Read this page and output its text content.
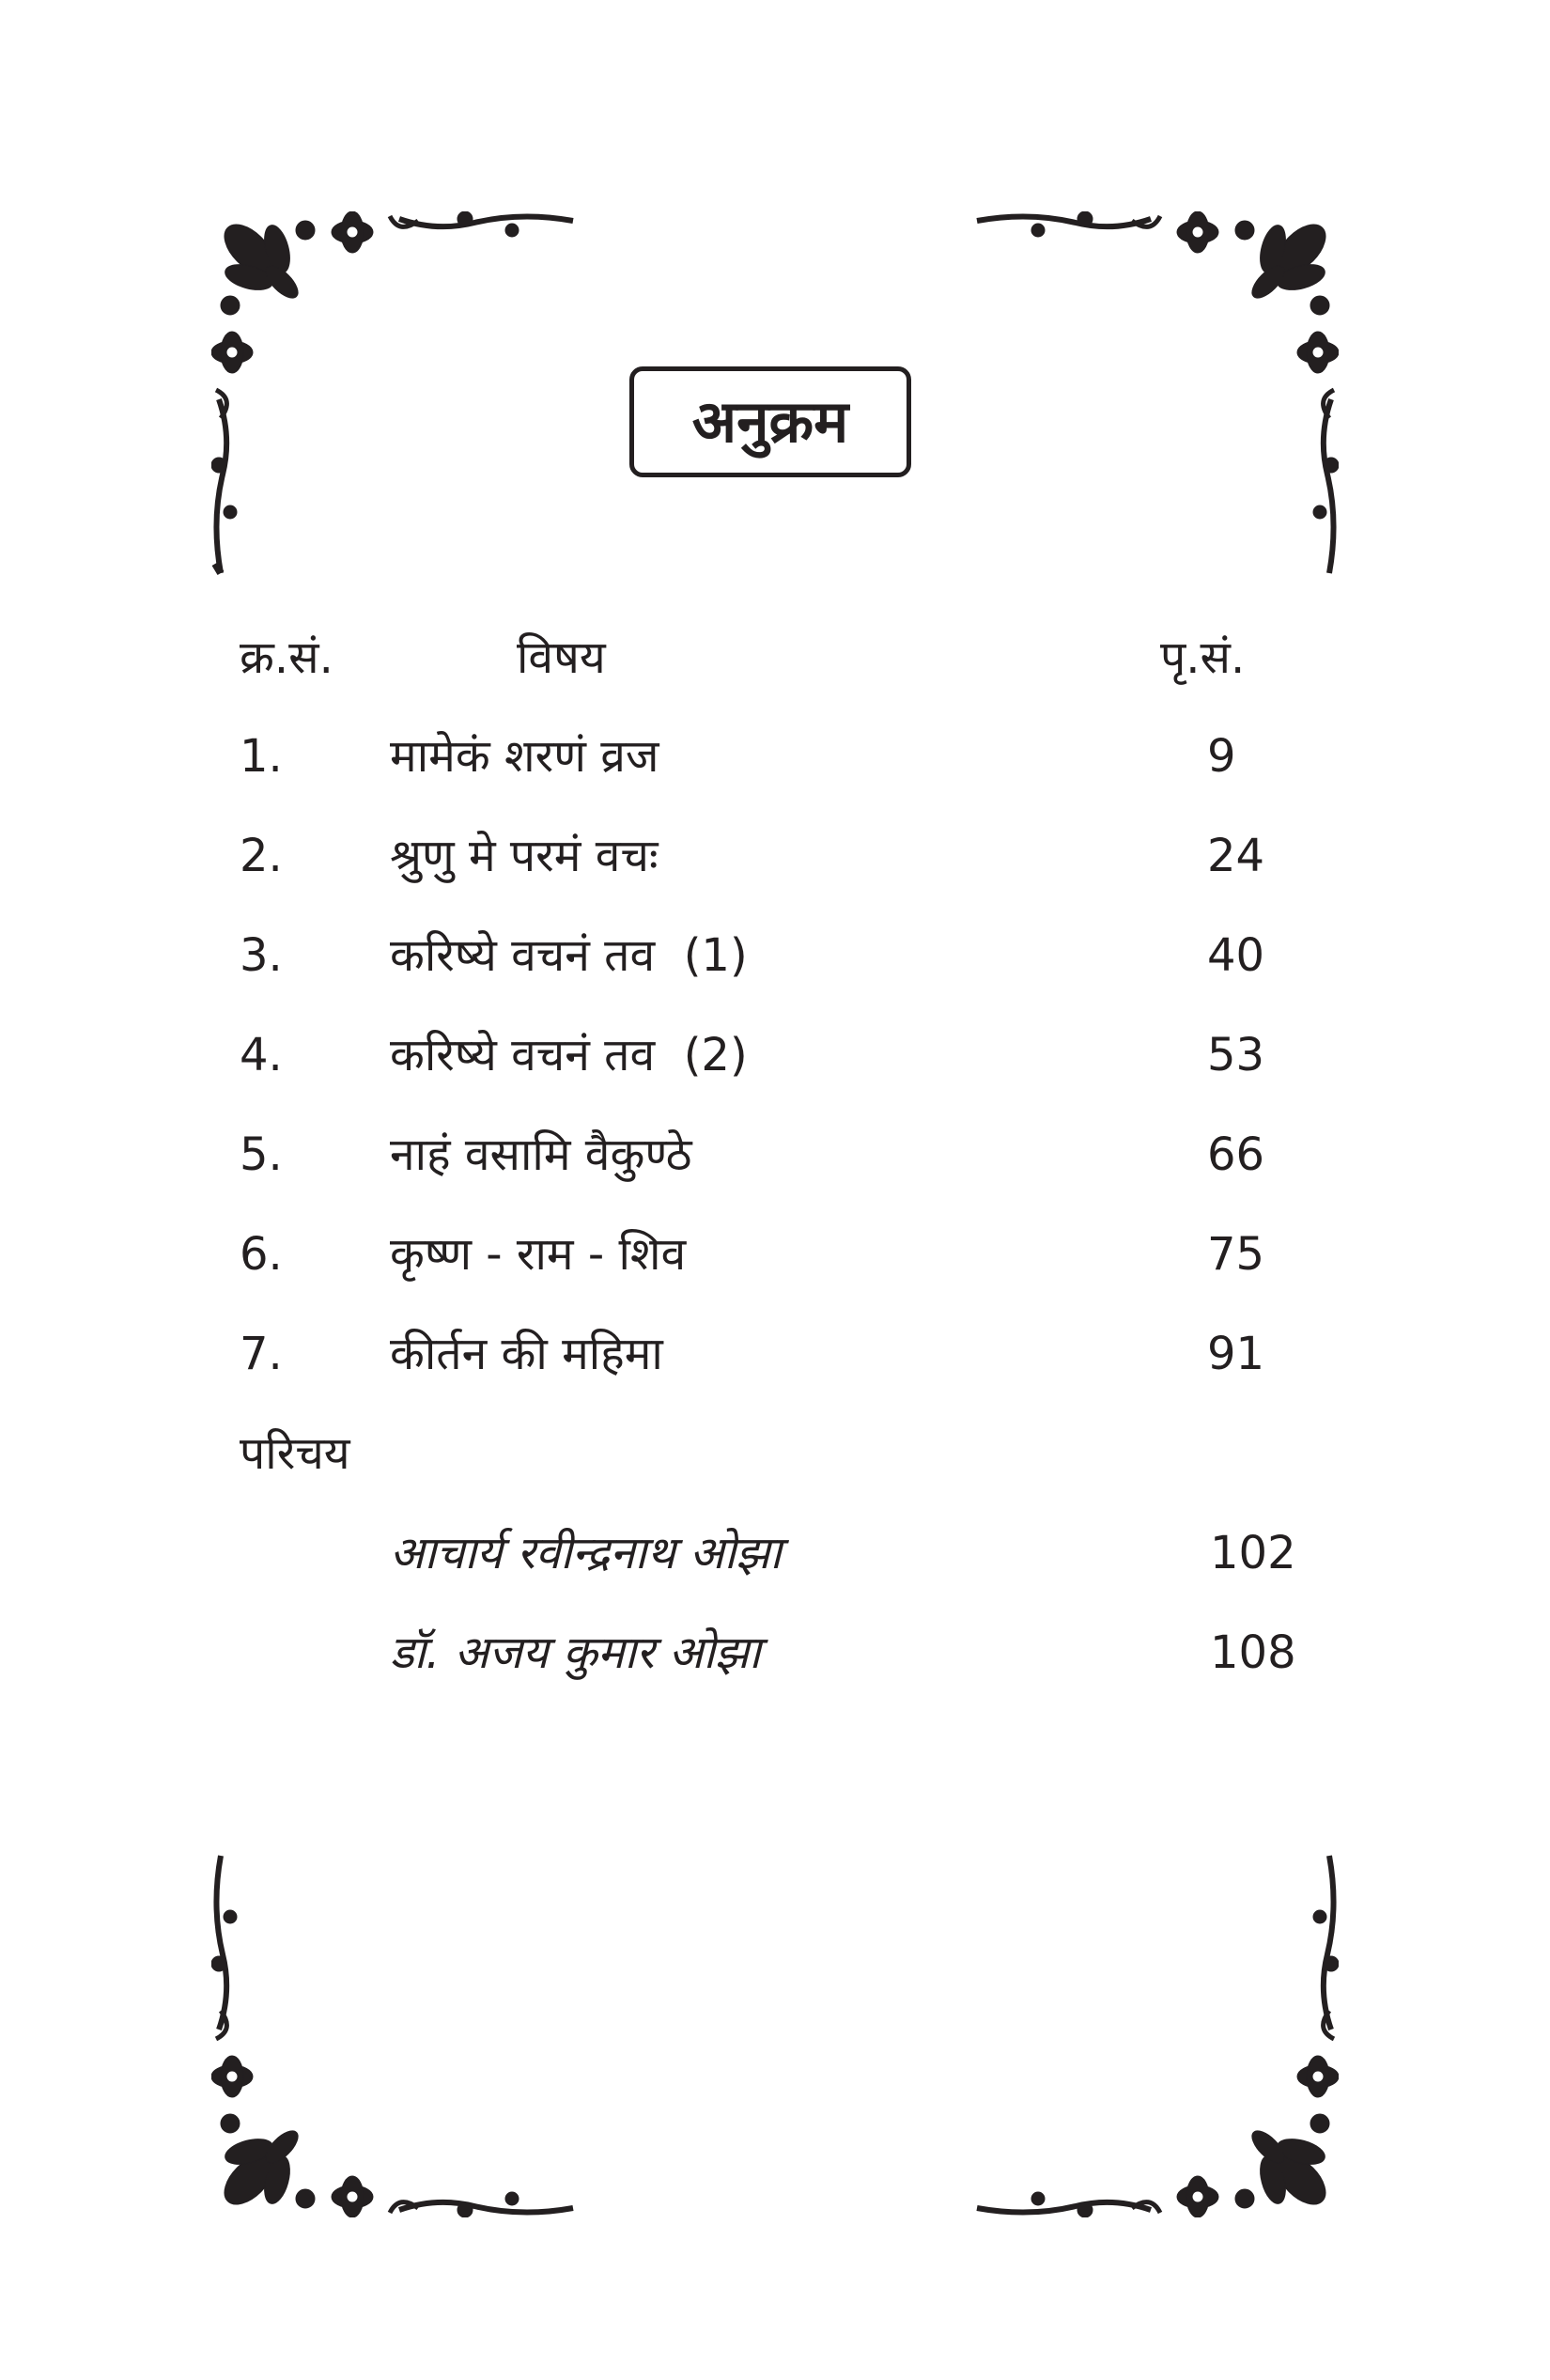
अनुक्रम
क्र.सं.	विषय	पृ.सं.
1. मामेकं शरणं व्रज	9
2. श्रुणु मे परमं वचः	24
3. करिष्ये वचनं तव  (1)	40
4. करिष्ये वचनं तव  (2)	53
5. नाहं वसामि वैकुण्ठे	66
6. कृष्ण - राम - शिव	75
7. कीर्तन की महिमा	91
परिचय
आचार्य रवीन्द्रनाथ ओझा	102
डॉ. अजय कुमार ओझा	108
